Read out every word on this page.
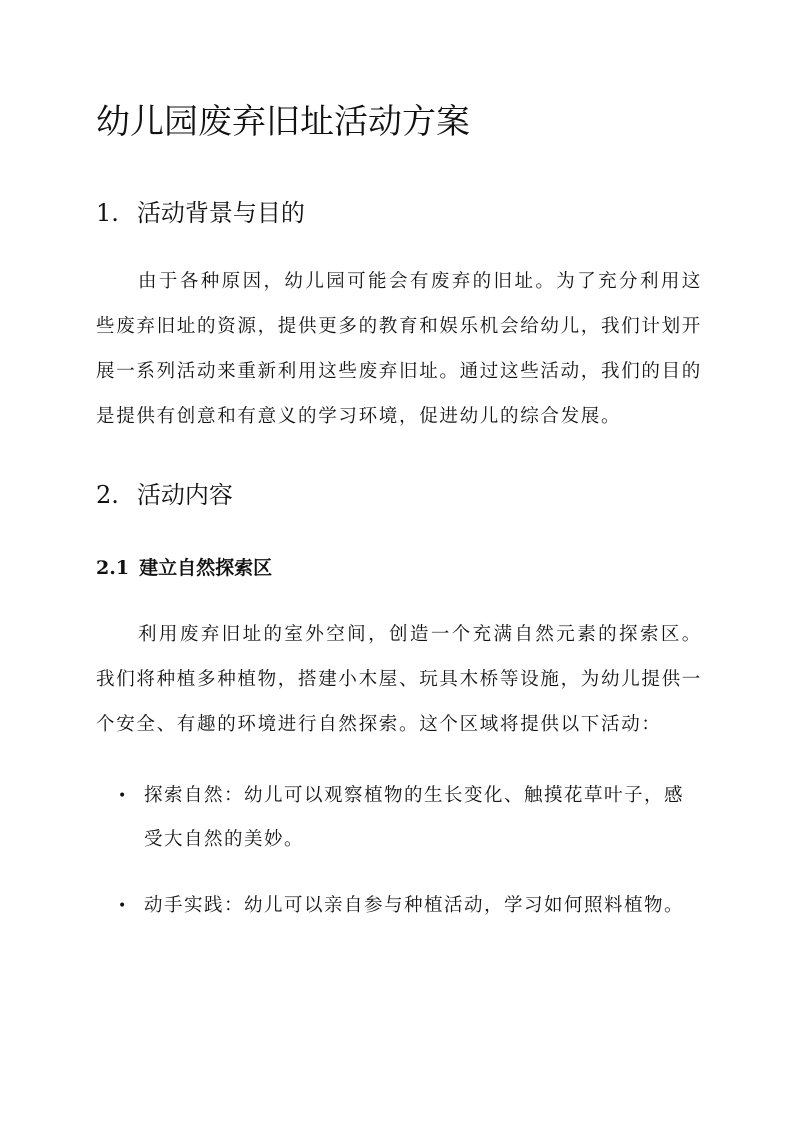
幼儿园废弃旧址活动方案
1. 活动背景与目的

由于各种原因，幼儿园可能会有废弃的旧址。为了充分利用这些废弃旧址的资源，提供更多的教育和娱乐机会给幼儿，我们计划开展一系列活动来重新利用这些废弃旧址。通过这些活动，我们的目的是提供有创意和有意义的学习环境，促进幼儿的综合发展。

2. 活动内容
2.1 建立自然探索区

利用废弃旧址的室外空间，创造一个充满自然元素的探索区。我们将种植多种植物，搭建小木屋、玩具木桥等设施，为幼儿提供一个安全、有趣的环境进行自然探索。这个区域将提供以下活动：

• 探索自然：幼儿可以观察植物的生长变化、触摸花草叶子，感受大自然的美妙。
• 动手实践：幼儿可以亲自参与种植活动，学习如何照料植物。
